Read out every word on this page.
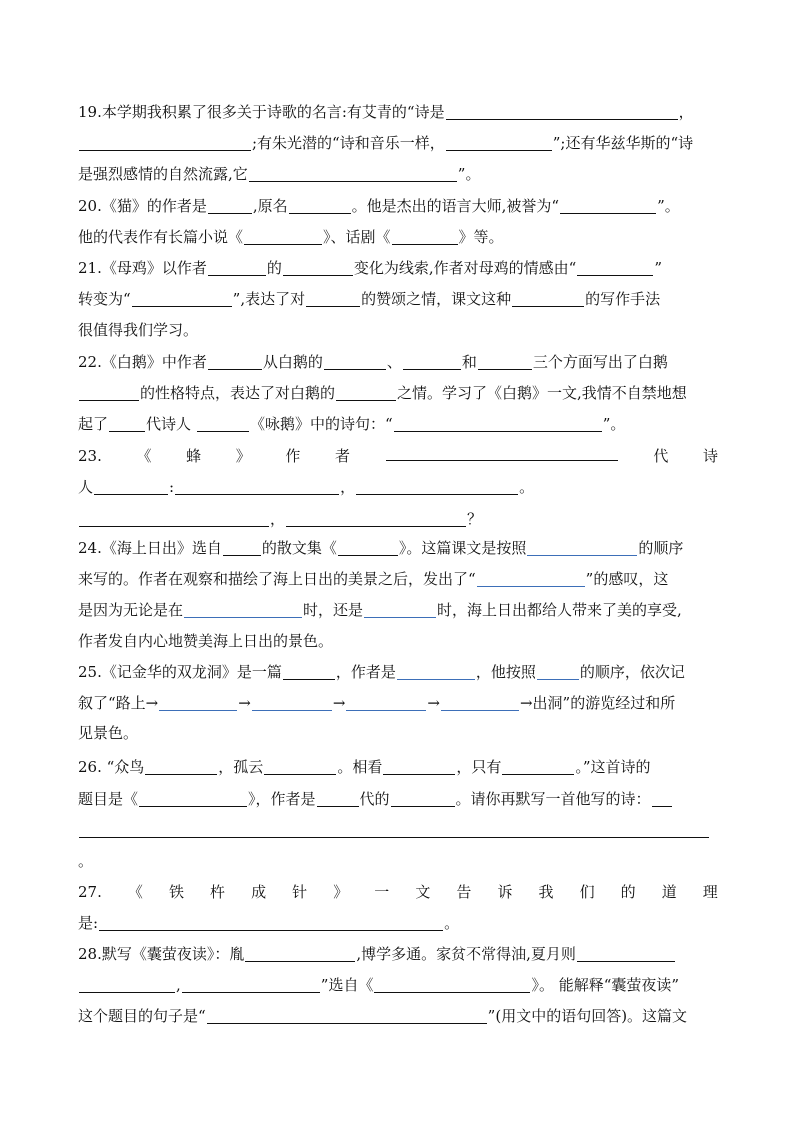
19.本学期我积累了很多关于诗歌的名言:有艾青的“诗是	，
;有朱光潜的“诗和音乐一样，	”;还有华兹华斯的“诗
是强烈感情的自然流露,它	”。
20.《猫》的作者是	,原名	。他是杰出的语言大师,被誉为“	”。
他的代表作有长篇小说《	》、话剧《	》等。
21.《母鸡》以作者	的	变化为线索,作者对母鸡的情感由“	”
转变为“	”,表达了对	的赞颂之情，课文这种	的写作手法
很值得我们学习。
22.《白鹅》中作者	从白鹅的	、	和	三个方面写出了白鹅
的性格特点，表达了对白鹅的	之情。学习了《白鹅》一文,我情不自禁地想
起了	代诗人	《咏鹅》中的诗句：“	”。
23. 《 蜂 》 作 者	代 诗
人	:	，	。
，	？
24.《海上日出》选自	的散文集《	》。这篇课文是按照	的顺序
来写的。作者在观察和描绘了海上日出的美景之后，发出了“	”的感叹，这
是因为无论是在	时，还是	时，海上日出都给人带来了美的享受,
作者发自内心地赞美海上日出的景色。
25.《记金华的双龙洞》是一篇	，作者是	，他按照	的顺序，依次记
叙了“路上→	→	→	→	→出洞”的游览经过和所
见景色。
26. “众鸟	，孤云	。相看	，只有	。”这首诗的
题目是《	》，作者是	代的	。请你再默写一首他写的诗：
。
27. 《 铁 杵 成 针 》 一 文 告 诉 我 们 的 道 理
是:	。
28.默写《囊萤夜读》：胤	,博学多通。家贫不常得油,夏月则
,	”选自《	》。 能解释“囊萤夜读”
这个题目的句子是“	”(用文中的语句回答)。这篇文
